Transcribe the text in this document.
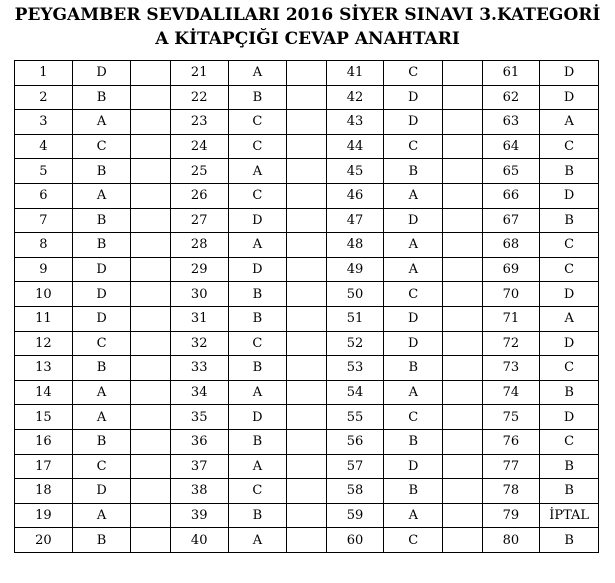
PEYGAMBER SEVDALILARI 2016 SİYER SINAVI 3.KATEGORİ
A KİTAPÇIĞI CEVAP ANAHTARI
1	D		21	A		41	C		61	D
2	B		22	B		42	D		62	D
3	A		23	C		43	D		63	A
4	C		24	C		44	C		64	C
5	B		25	A		45	B		65	B
6	A		26	C		46	A		66	D
7	B		27	D		47	D		67	B
8	B		28	A		48	A		68	C
9	D		29	D		49	A		69	C
10	D		30	B		50	C		70	D
11	D		31	B		51	D		71	A
12	C		32	C		52	D		72	D
13	B		33	B		53	B		73	C
14	A		34	A		54	A		74	B
15	A		35	D		55	C		75	D
16	B		36	B		56	B		76	C
17	C		37	A		57	D		77	B
18	D		38	C		58	B		78	B
19	A		39	B		59	A		79	İPTAL
20	B		40	A		60	C		80	B
